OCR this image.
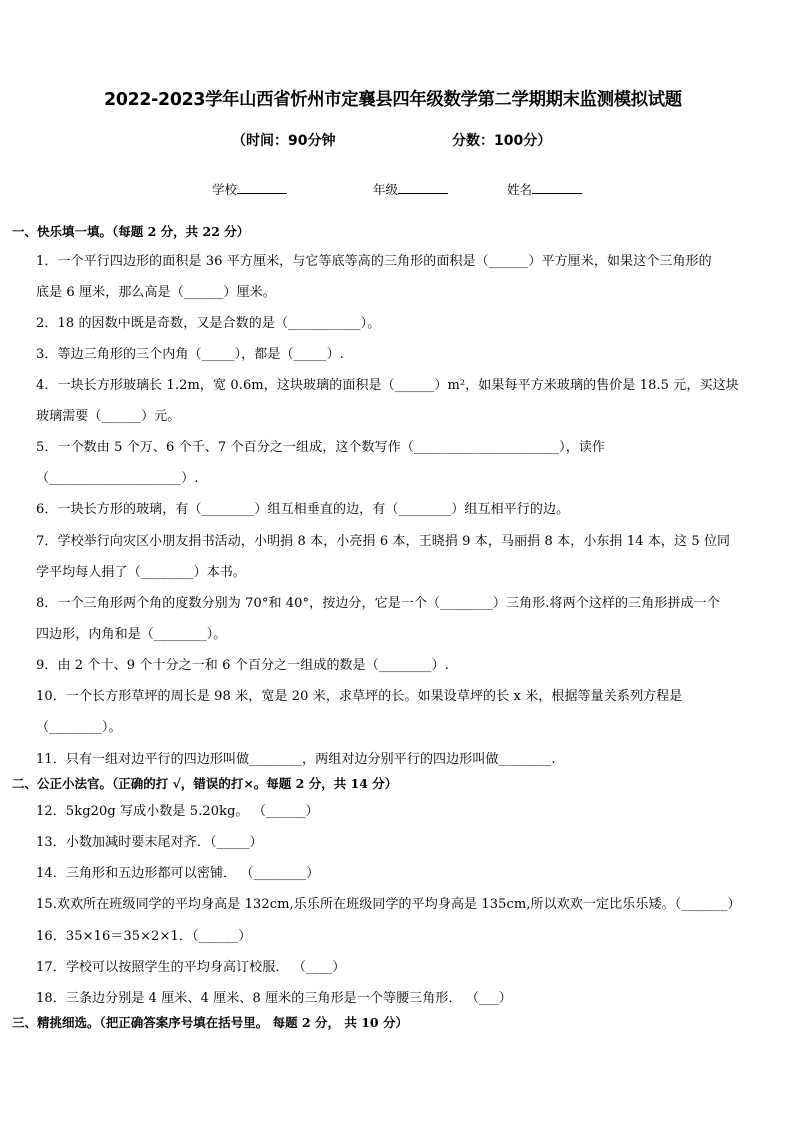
2022-2023学年山西省忻州市定襄县四年级数学第二学期期末监测模拟试题
（时间：90分钟	分数：100分）
学校	年级	姓名
一、快乐填一填。（每题 2 分，共 22 分）
1．一个平行四边形的面积是 36 平方厘米，与它等底等高的三角形的面积是（______）平方厘米，如果这个三角形的
底是 6 厘米，那么高是（______）厘米。
2．18 的因数中既是奇数，又是合数的是（___________）。
3．等边三角形的三个内角（_____），都是（_____）.
4．一块长方形玻璃长 1.2m，宽 0.6m，这块玻璃的面积是（______）m²，如果每平方米玻璃的售价是 18.5 元，买这块
玻璃需要（______）元。
5．一个数由 5 个万、6 个千、7 个百分之一组成，这个数写作（______________________），读作
（____________________）.
6．一块长方形的玻璃，有（________）组互相垂直的边，有（________）组互相平行的边。
7．学校举行向灾区小朋友捐书活动，小明捐 8 本，小亮捐 6 本，王晓捐 9 本，马丽捐 8 本，小东捐 14 本，这 5 位同
学平均每人捐了（________）本书。
8．一个三角形两个角的度数分别为 70°和 40°，按边分，它是一个（________）三角形.将两个这样的三角形拼成一个
四边形，内角和是（________）。
9．由 2 个十、9 个十分之一和 6 个百分之一组成的数是（________）.
10．一个长方形草坪的周长是 98 米，宽是 20 米，求草坪的长。如果设草坪的长 x 米，根据等量关系列方程是
（________）。
11．只有一组对边平行的四边形叫做________，两组对边分别平行的四边形叫做________.
二、公正小法官。（正确的打 √，错误的打×。每题 2 分，共 14 分）
12．5kg20g 写成小数是 5.20kg。 （______）
13．小数加减时要末尾对齐．（_____）
14．三角形和五边形都可以密铺． （________）
15.欢欢所在班级同学的平均身高是 132cm,乐乐所在班级同学的平均身高是 135cm,所以欢欢一定比乐乐矮。（_______）
16．35×16＝35×2×1．（______）
17．学校可以按照学生的平均身高订校服． （____）
18．三条边分别是 4 厘米、4 厘米、8 厘米的三角形是一个等腰三角形． （___）
三、精挑细选。（把正确答案序号填在括号里。 每题 2 分， 共 10 分）
